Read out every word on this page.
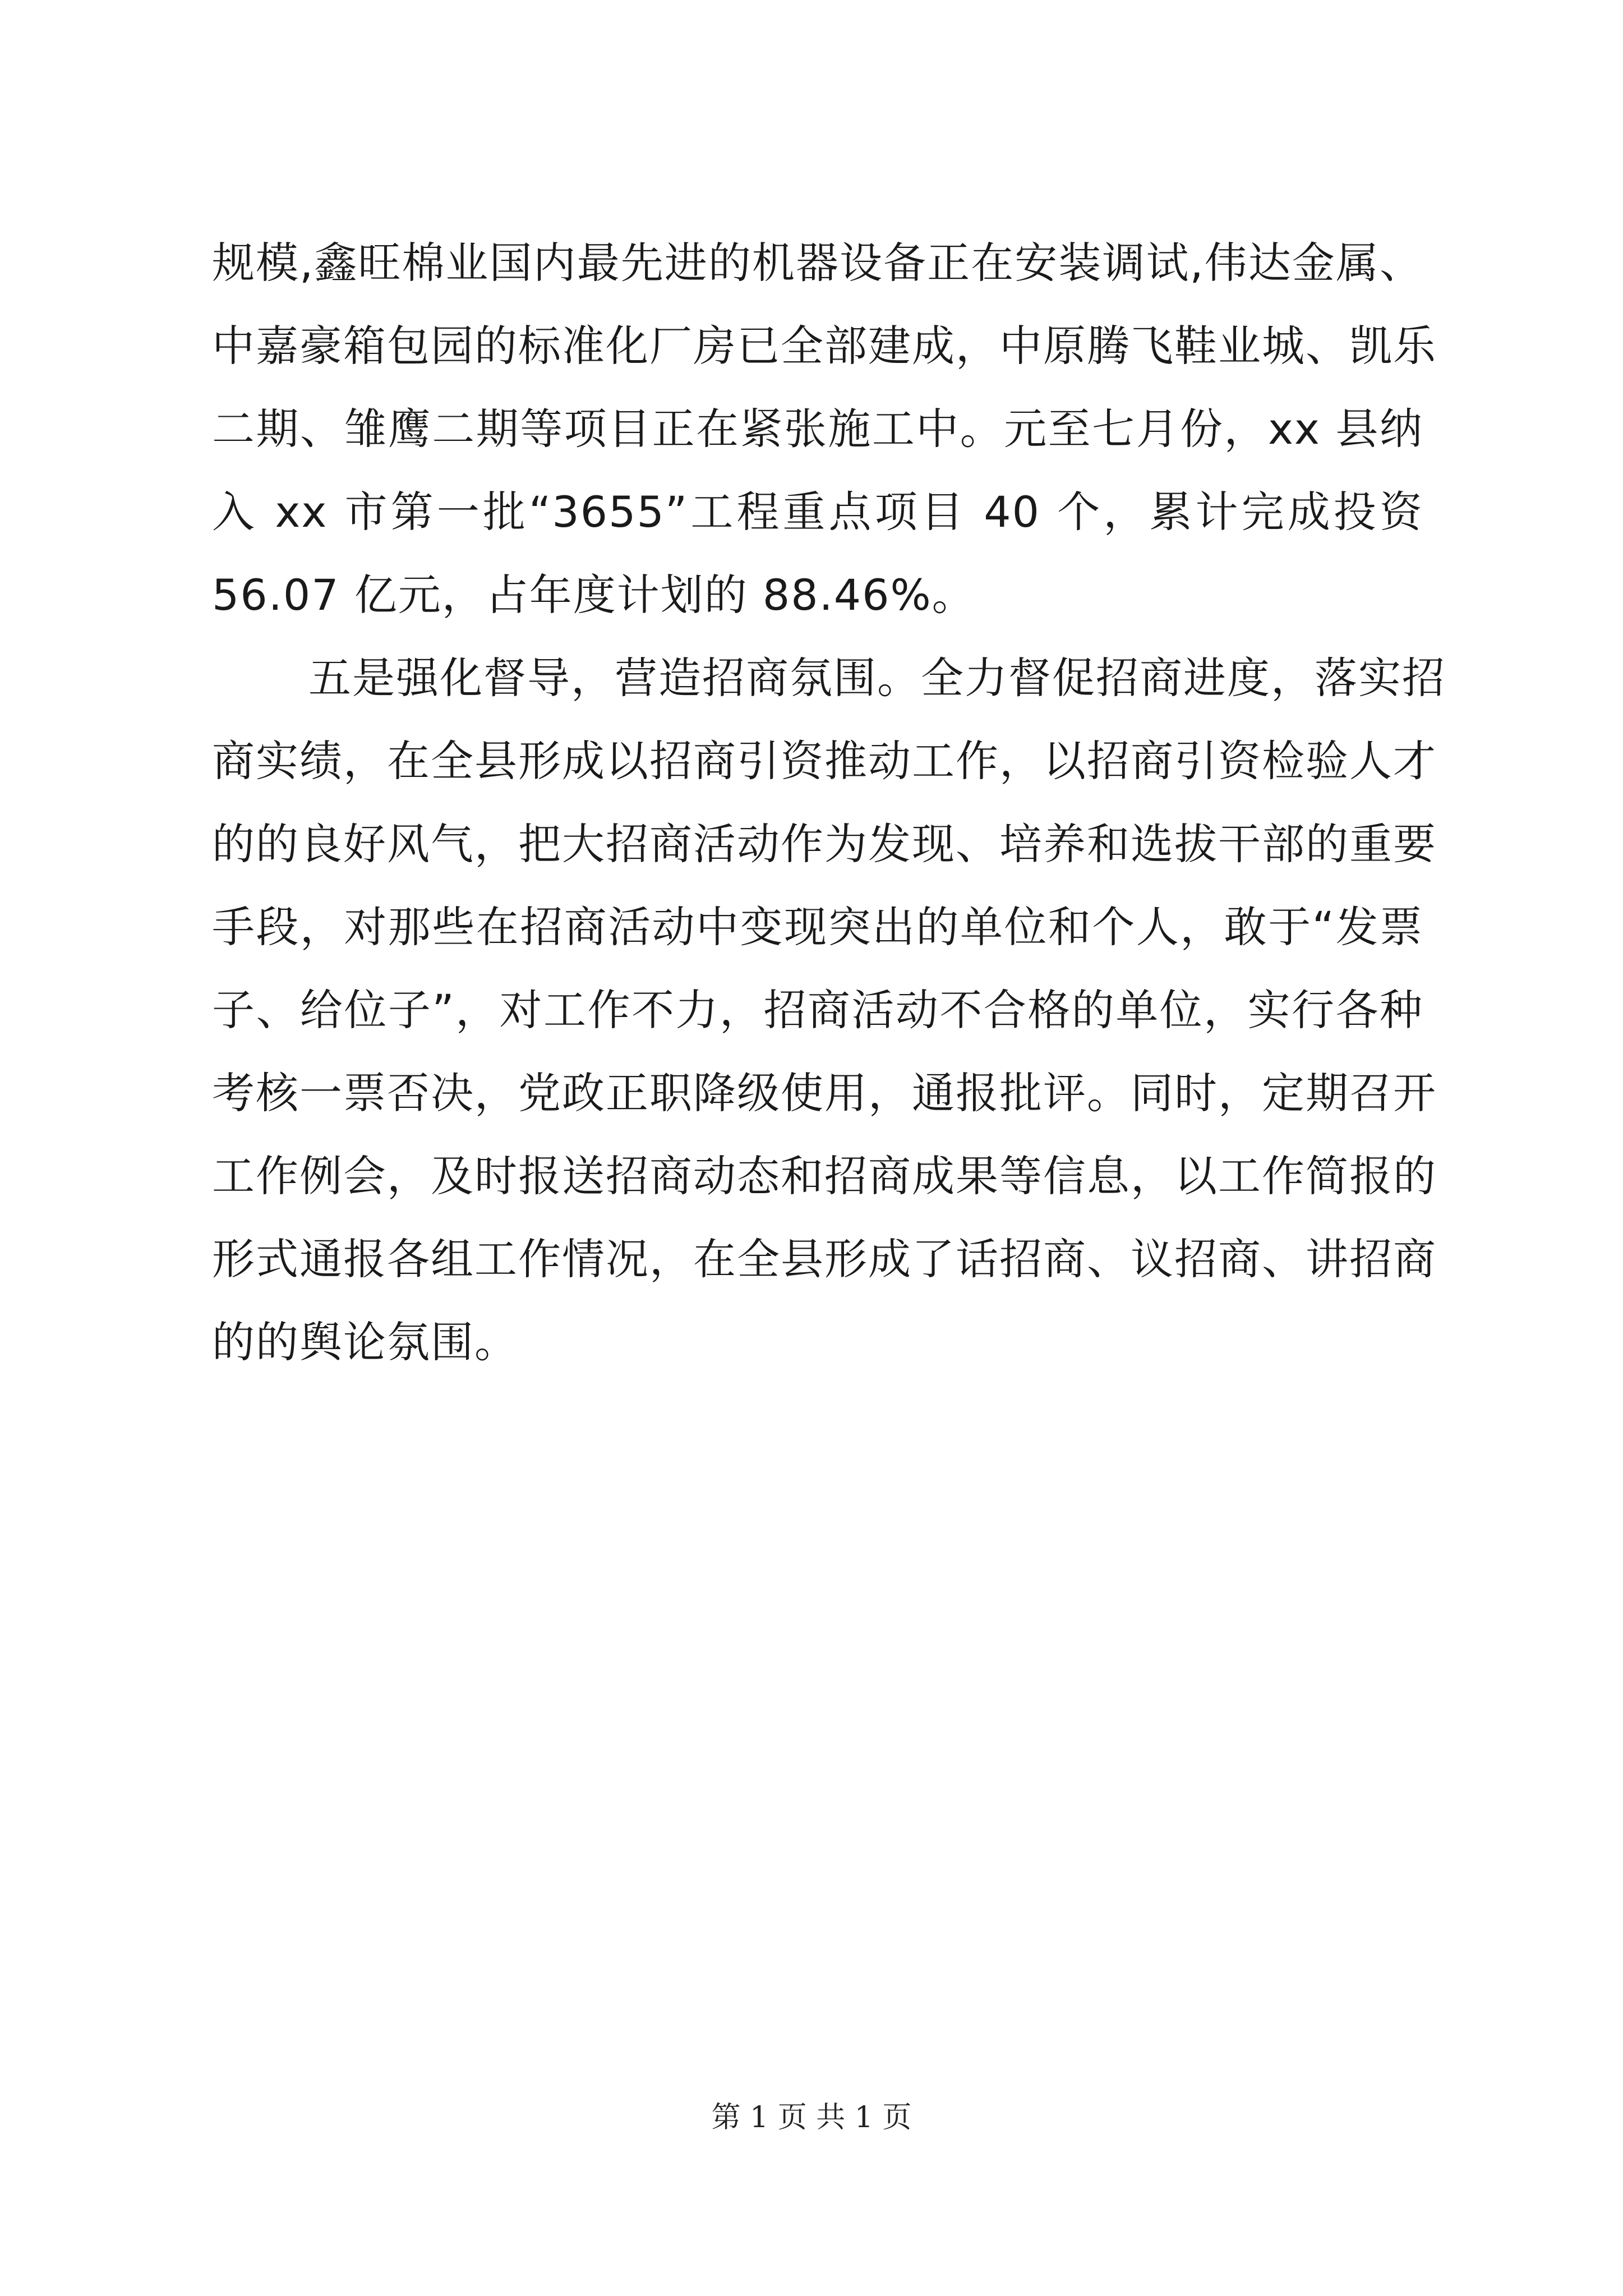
规模,鑫旺棉业国内最先进的机器设备正在安装调试,伟达金属、
中嘉豪箱包园的标准化厂房已全部建成，中原腾飞鞋业城、凯乐
二期、雏鹰二期等项目正在紧张施工中。元至七月份，xx 县纳
入 xx 市第一批“3655”工程重点项目 40 个，累计完成投资
56.07 亿元，占年度计划的 88.46%。
五是强化督导，营造招商氛围。全力督促招商进度，落实招
商实绩，在全县形成以招商引资推动工作，以招商引资检验人才
的的良好风气，把大招商活动作为发现、培养和选拔干部的重要
手段，对那些在招商活动中变现突出的单位和个人，敢于“发票
子、给位子”，对工作不力，招商活动不合格的单位，实行各种
考核一票否决，党政正职降级使用，通报批评。同时，定期召开
工作例会，及时报送招商动态和招商成果等信息，以工作简报的
形式通报各组工作情况，在全县形成了话招商、议招商、讲招商
的的舆论氛围。
第 1 页 共 1 页
